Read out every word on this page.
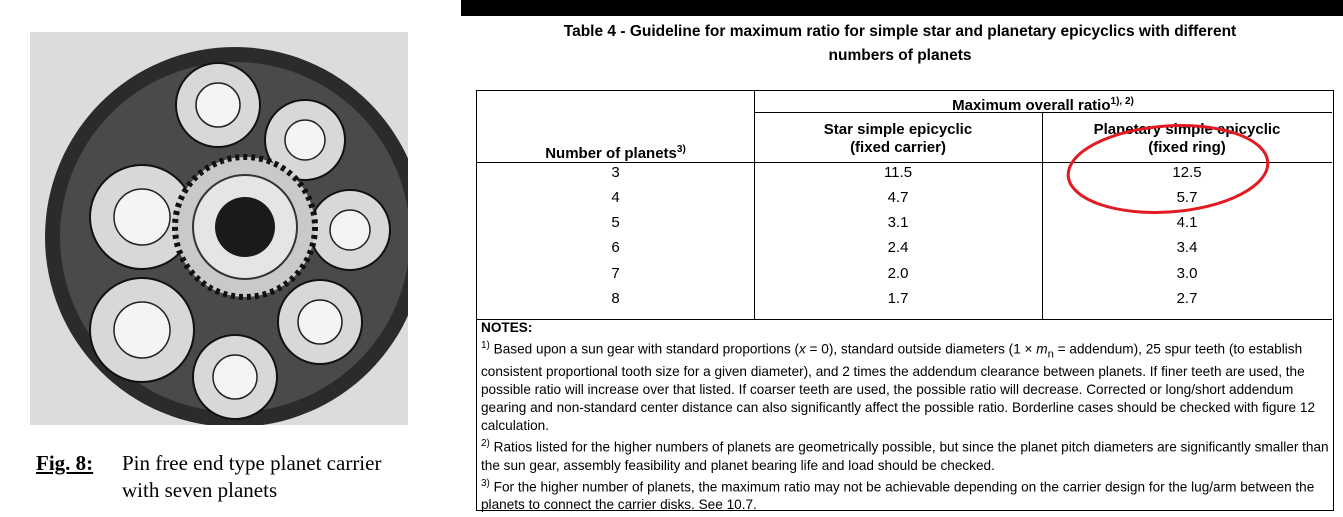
Fig. 8: Pin free end type planet carrier
with seven planets
Table 4 - Guideline for maximum ratio for simple star and planetary epicyclics with different
numbers of planets
Maximum overall ratio$^{1), 2)}$
Number of planets$^{3)}$
Star simple epicyclic
(fixed carrier)
Planetary simple epicyclic
(fixed ring)
3	11.5	12.5
4	4.7	5.7
5	3.1	4.1
6	2.4	3.4
7	2.0	3.0
8	1.7	2.7

NOTES:

$^{1)}$ Based upon a sun gear with standard proportions (x = 0), standard outside diameters ($1 \times m_n$ = addendum), 25 spur teeth (to establish consistent proportional tooth size for a given diameter), and 2 times the addendum clearance between planets. If finer teeth are used, the possible ratio will increase over that listed. If coarser teeth are used, the possible ratio will decrease. Corrected or long/short addendum gearing and non-standard center distance can also significantly affect the possible ratio. Borderline cases should be checked with figure 12 calculation.

$^{2)}$ Ratios listed for the higher numbers of planets are geometrically possible, but since the planet pitch diameters are significantly smaller than the sun gear, assembly feasibility and planet bearing life and load should be checked.

$^{3)}$ For the higher number of planets, the maximum ratio may not be achievable depending on the carrier design for the lug/arm between the planets to connect the carrier disks. See 10.7.
